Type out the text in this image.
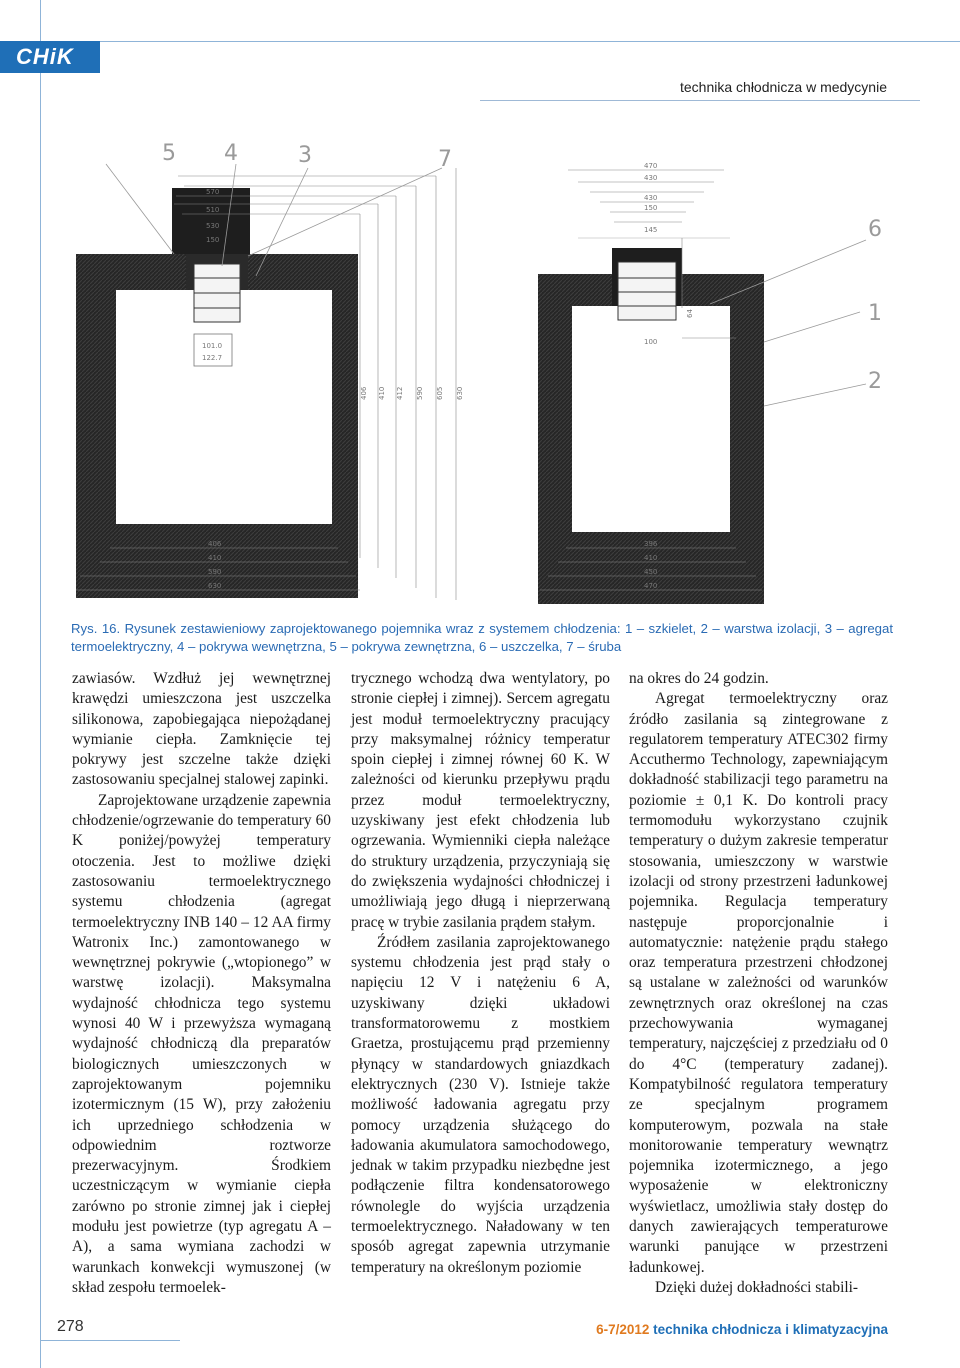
CHiK
technika chłodnicza w medycynie
5 4	3	7
6
1
2
570
510
530
150
101.0
122.7
406 410 412 590 605 630
406
410
590
630
470
430
430
150
145
64
100
396
410
450
470
Rys. 16. Rysunek zestawieniowy zaprojektowanego pojemnika wraz z systemem chłodzenia: 1 – szkielet, 2 – warstwa izolacji, 3 – agregat termoelektryczny, 4 – pokrywa wewnętrzna, 5 – pokrywa zewnętrzna, 6 – uszczelka, 7 – śruba

zawiasów. Wzdłuż jej wewnętrznej krawędzi umieszczona jest uszczelka silikonowa, zapobiegająca niepożądanej wymianie ciepła. Zamknięcie tej pokrywy jest szczelne także dzięki zastosowaniu specjalnej stalowej zapinki.

Zaprojektowane urządzenie zapewnia chłodzenie/ogrzewanie do temperatury 60 K poniżej/powyżej temperatury otoczenia. Jest to możliwe dzięki zastosowaniu termoelektrycznego systemu chłodzenia (agregat termoelektryczny INB 140 – 12 AA firmy Watronix Inc.) zamontowanego w wewnętrznej pokrywie („wtopionego” w warstwę izolacji). Maksymalna wydajność chłodnicza tego systemu wynosi 40 W i przewyższa wymaganą wydajność chłodniczą dla preparatów biologicznych umieszczonych w zaprojektowanym pojemniku izotermicznym (15 W), przy założeniu ich uprzedniego schłodzenia w odpowiednim roztworze prezerwacyjnym. Środkiem uczestniczącym w wymianie ciepła zarówno po stronie zimnej jak i ciepłej modułu jest powietrze (typ agregatu A – A), a sama wymiana zachodzi w warunkach konwekcji wymuszonej (w skład zespołu termoelek-

trycznego wchodzą dwa wentylatory, po stronie ciepłej i zimnej). Sercem agregatu jest moduł termoelektryczny pracujący przy maksymalnej różnicy temperatur spoin ciepłej i zimnej równej 60 K. W zależności od kierunku przepływu prądu przez moduł termoelektryczny, uzyskiwany jest efekt chłodzenia lub ogrzewania. Wymienniki ciepła należące do struktury urządzenia, przyczyniają się do zwiększenia wydajności chłodniczej i umożliwiają jego długą i nieprzerwaną pracę w trybie zasilania prądem stałym.

Źródłem zasilania zaprojektowanego systemu chłodzenia jest prąd stały o napięciu 12 V i natężeniu 6 A, uzyskiwany dzięki układowi transformatorowemu z mostkiem Graetza, prostującemu prąd przemienny płynący w standardowych gniazdkach elektrycznych (230 V). Istnieje także możliwość ładowania agregatu przy pomocy urządzenia służącego do ładowania akumulatora samochodowego, jednak w takim przypadku niezbędne jest podłączenie filtra kondensatorowego równolegle do wyjścia urządzenia termoelektrycznego. Naładowany w ten sposób agregat zapewnia utrzymanie temperatury na określonym poziomie

na okres do 24 godzin.

Agregat termoelektryczny oraz źródło zasilania są zintegrowane z regulatorem temperatury ATEC302 firmy Accuthermo Technology, zapewniającym dokładność stabilizacji tego parametru na poziomie ± 0,1 K. Do kontroli pracy termomodułu wykorzystano czujnik temperatury o dużym zakresie temperatur stosowania, umieszczony w warstwie izolacji od strony przestrzeni ładunkowej pojemnika. Regulacja temperatury następuje proporcjonalnie i automatycznie: natężenie prądu stałego oraz temperatura przestrzeni chłodzonej są ustalane w zależności od warunków zewnętrznych oraz określonej na czas przechowywania wymaganej temperatury, najczęściej z przedziału od 0 do 4°C (temperatury zadanej). Kompatybilność regulatora temperatury ze specjalnym programem komputerowym, pozwala na stałe monitorowanie temperatury wewnątrz pojemnika izotermicznego, a jego wyposażenie w elektroniczny wyświetlacz, umożliwia stały dostęp do danych zawierających temperaturowe warunki panujące w przestrzeni ładunkowej.

Dzięki dużej dokładności stabili-

278	6-7/2012 technika chłodnicza i klimatyzacyjna
